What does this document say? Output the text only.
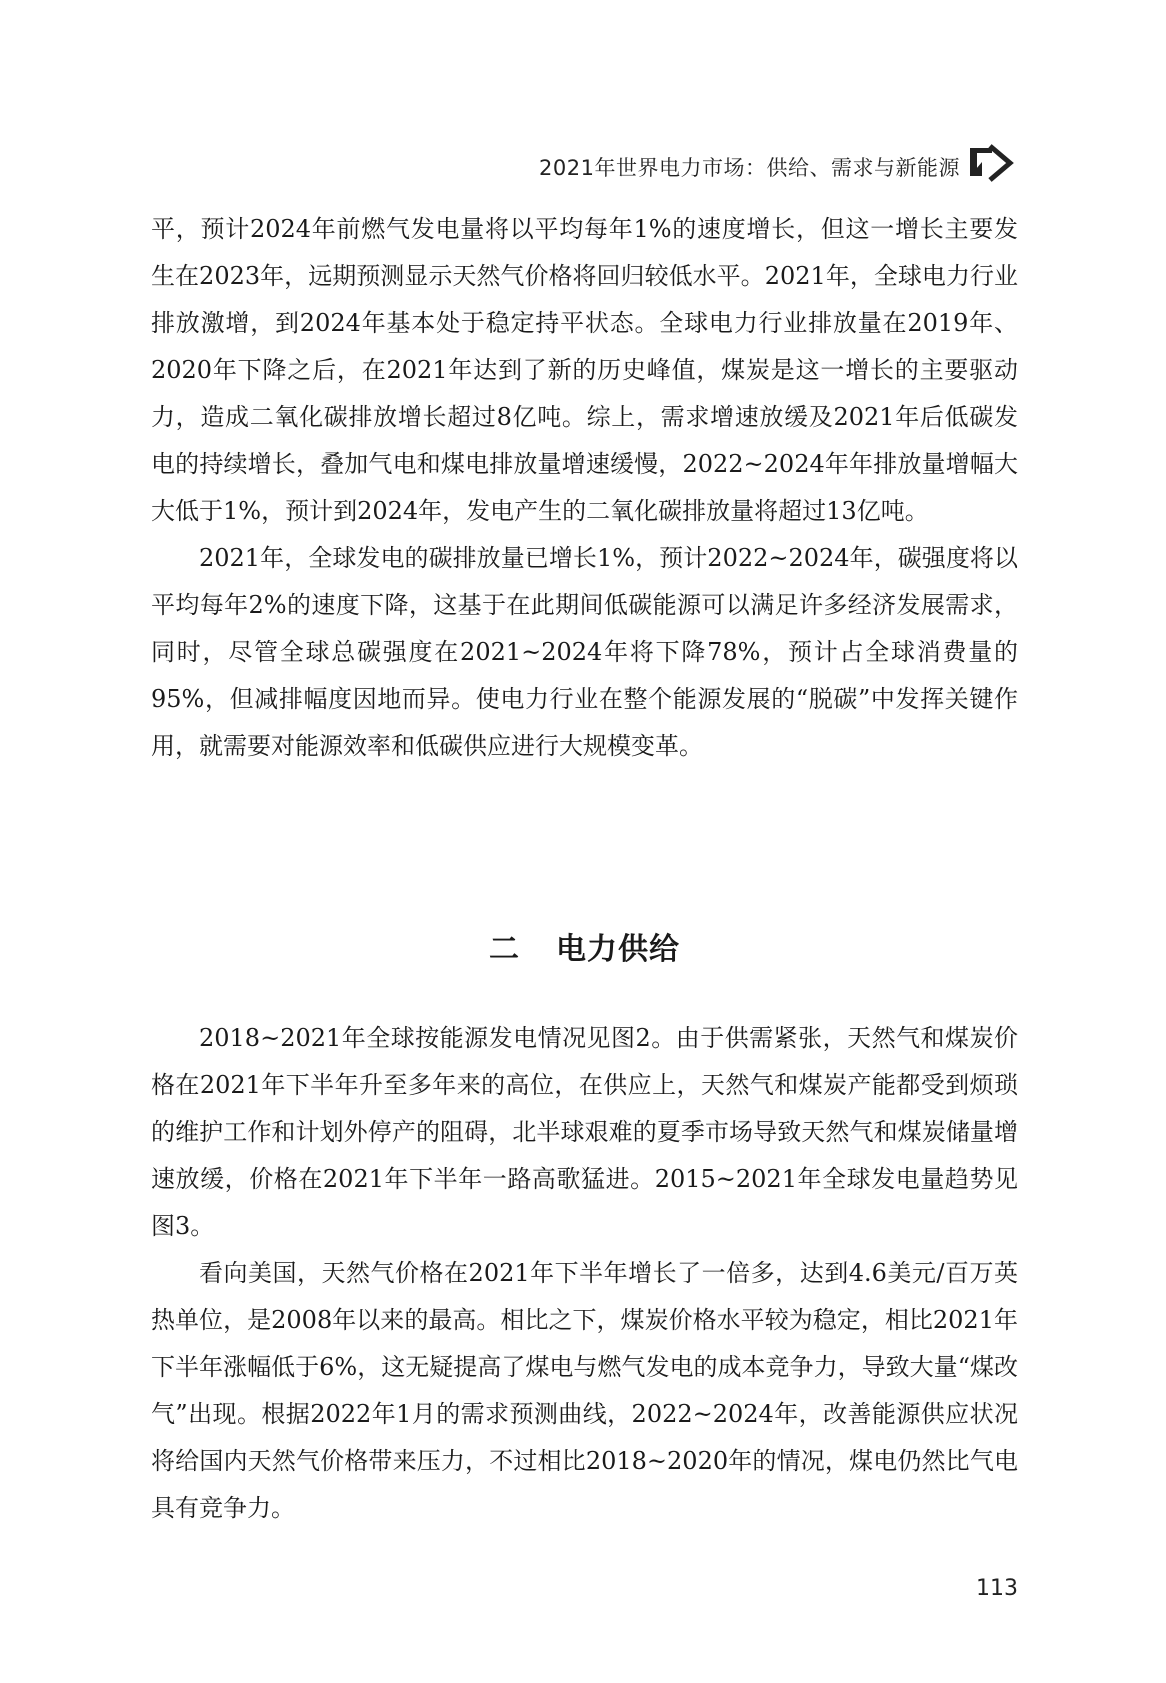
2021年世界电力市场：供给、需求与新能源

平，预计2024年前燃气发电量将以平均每年1%的速度增长，但这一增长主要发生在2023年，远期预测显示天然气价格将回归较低水平。2021年，全球电力行业排放激增，到2024年基本处于稳定持平状态。全球电力行业排放量在2019年、2020年下降之后，在2021年达到了新的历史峰值，煤炭是这一增长的主要驱动力，造成二氧化碳排放增长超过8亿吨。综上，需求增速放缓及2021年后低碳发电的持续增长，叠加气电和煤电排放量增速缓慢，2022~2024年年排放量增幅大大低于1%，预计到2024年，发电产生的二氧化碳排放量将超过13亿吨。

2021年，全球发电的碳排放量已增长1%，预计2022~2024年，碳强度将以平均每年2%的速度下降，这基于在此期间低碳能源可以满足许多经济发展需求，同时，尽管全球总碳强度在2021~2024年将下降78%，预计占全球消费量的95%，但减排幅度因地而异。使电力行业在整个能源发展的“脱碳”中发挥关键作用，就需要对能源效率和低碳供应进行大规模变革。

二 电力供给

2018~2021年全球按能源发电情况见图2。由于供需紧张，天然气和煤炭价格在2021年下半年升至多年来的高位，在供应上，天然气和煤炭产能都受到烦琐的维护工作和计划外停产的阻碍，北半球艰难的夏季市场导致天然气和煤炭储量增速放缓，价格在2021年下半年一路高歌猛进。2015~2021年全球发电量趋势见图3。

看向美国，天然气价格在2021年下半年增长了一倍多，达到4.6美元/百万英热单位，是2008年以来的最高。相比之下，煤炭价格水平较为稳定，相比2021年下半年涨幅低于6%，这无疑提高了煤电与燃气发电的成本竞争力，导致大量“煤改气”出现。根据2022年1月的需求预测曲线，2022~2024年，改善能源供应状况将给国内天然气价格带来压力，不过相比2018~2020年的情况，煤电仍然比气电具有竞争力。

113
